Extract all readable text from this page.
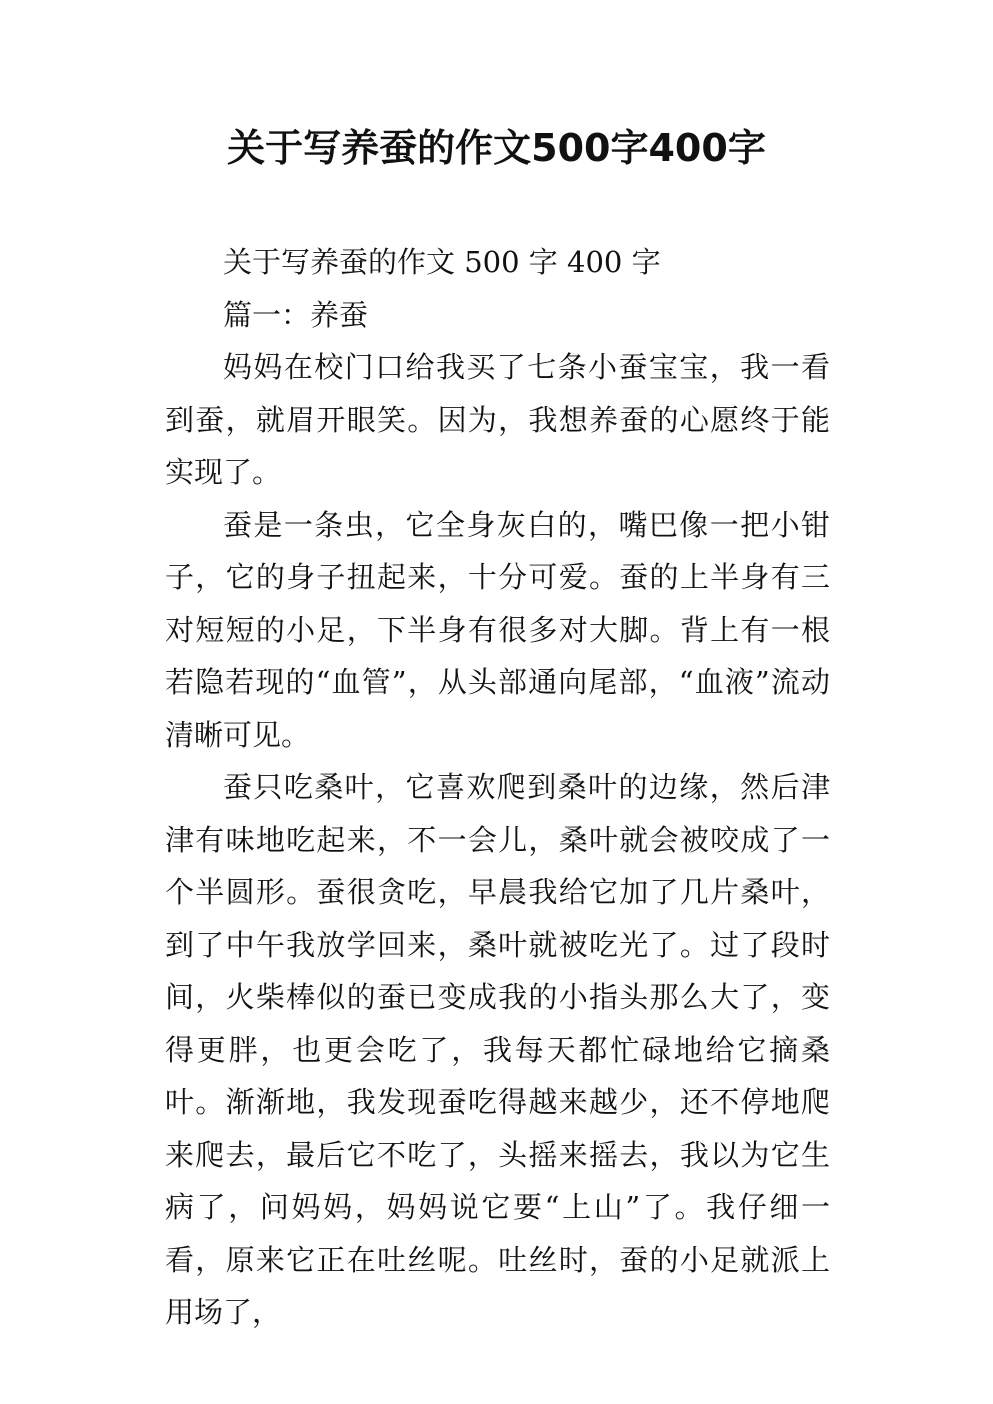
关于写养蚕的作文500字400字

关于写养蚕的作文 500 字 400 字

篇一：养蚕

妈妈在校门口给我买了七条小蚕宝宝，我一看到蚕，就眉开眼笑。因为，我想养蚕的心愿终于能实现了。

蚕是一条虫，它全身灰白的，嘴巴像一把小钳子，它的身子扭起来，十分可爱。蚕的上半身有三对短短的小足，下半身有很多对大脚。背上有一根若隐若现的“血管”，从头部通向尾部，“血液”流动清晰可见。

蚕只吃桑叶，它喜欢爬到桑叶的边缘，然后津津有味地吃起来，不一会儿，桑叶就会被咬成了一个半圆形。蚕很贪吃，早晨我给它加了几片桑叶，到了中午我放学回来，桑叶就被吃光了。过了段时间，火柴棒似的蚕已变成我的小指头那么大了，变得更胖，也更会吃了，我每天都忙碌地给它摘桑叶。渐渐地，我发现蚕吃得越来越少，还不停地爬来爬去，最后它不吃了，头摇来摇去，我以为它生病了，问妈妈，妈妈说它要“上山”了。我仔细一看，原来它正在吐丝呢。吐丝时，蚕的小足就派上用场了，
